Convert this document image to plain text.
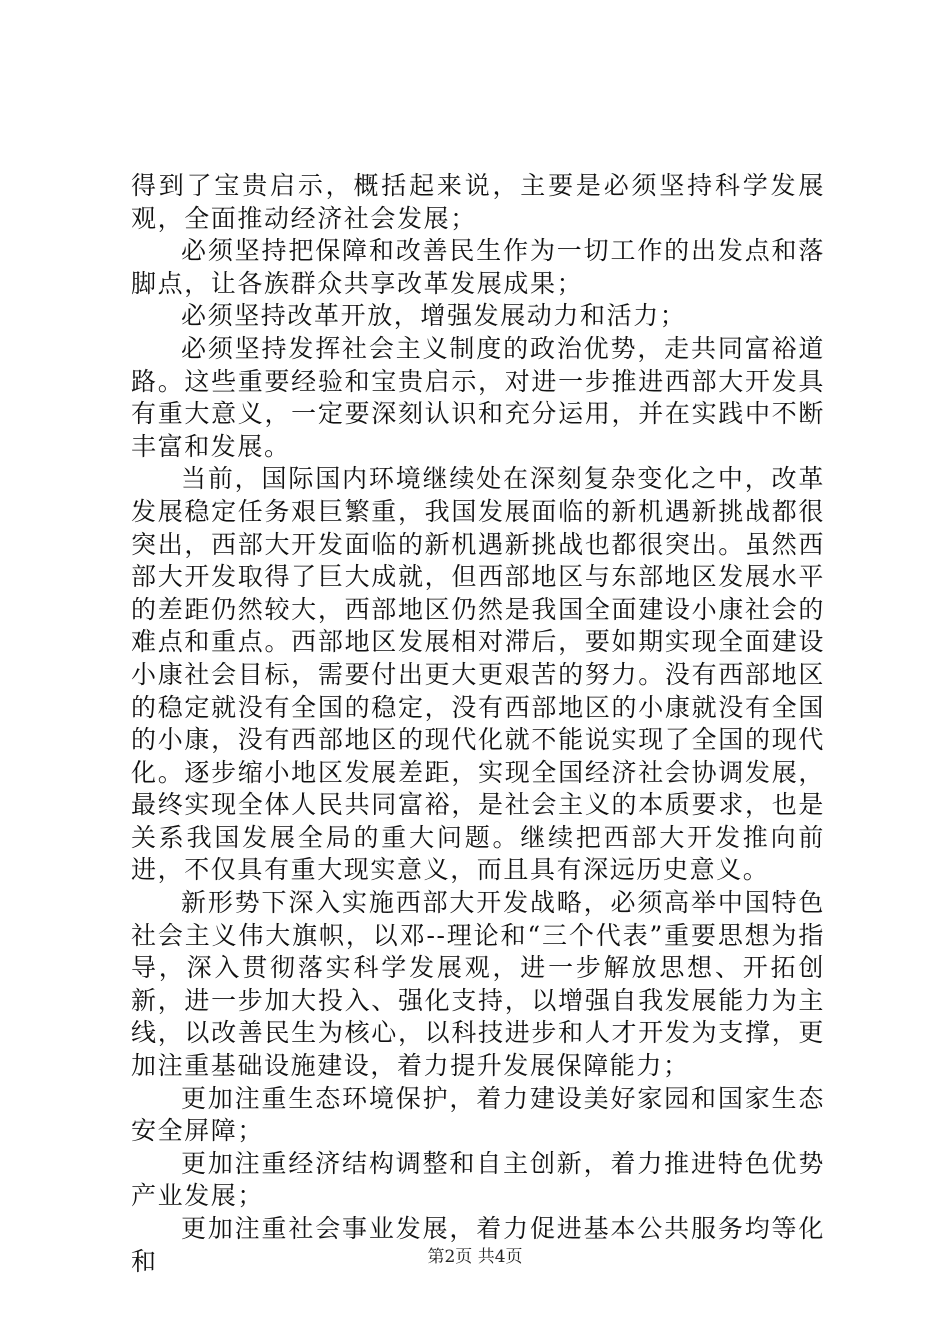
得到了宝贵启示，概括起来说，主要是必须坚持科学发展观，全面推动经济社会发展；

必须坚持把保障和改善民生作为一切工作的出发点和落脚点，让各族群众共享改革发展成果；

必须坚持改革开放，增强发展动力和活力；

必须坚持发挥社会主义制度的政治优势，走共同富裕道路。这些重要经验和宝贵启示，对进一步推进西部大开发具有重大意义，一定要深刻认识和充分运用，并在实践中不断丰富和发展。

当前，国际国内环境继续处在深刻复杂变化之中，改革发展稳定任务艰巨繁重，我国发展面临的新机遇新挑战都很突出，西部大开发面临的新机遇新挑战也都很突出。虽然西部大开发取得了巨大成就，但西部地区与东部地区发展水平的差距仍然较大，西部地区仍然是我国全面建设小康社会的难点和重点。西部地区发展相对滞后，要如期实现全面建设小康社会目标，需要付出更大更艰苦的努力。没有西部地区的稳定就没有全国的稳定，没有西部地区的小康就没有全国的小康，没有西部地区的现代化就不能说实现了全国的现代化。逐步缩小地区发展差距，实现全国经济社会协调发展，最终实现全体人民共同富裕，是社会主义的本质要求，也是关系我国发展全局的重大问题。继续把西部大开发推向前进，不仅具有重大现实意义，而且具有深远历史意义。

新形势下深入实施西部大开发战略，必须高举中国特色社会主义伟大旗帜，以邓--理论和“三个代表”重要思想为指导，深入贯彻落实科学发展观，进一步解放思想、开拓创新，进一步加大投入、强化支持，以增强自我发展能力为主线，以改善民生为核心，以科技进步和人才开发为支撑，更加注重基础设施建设，着力提升发展保障能力；

更加注重生态环境保护，着力建设美好家园和国家生态安全屏障；

更加注重经济结构调整和自主创新，着力推进特色优势产业发展；

更加注重社会事业发展，着力促进基本公共服务均等化和	第2页 共4页
